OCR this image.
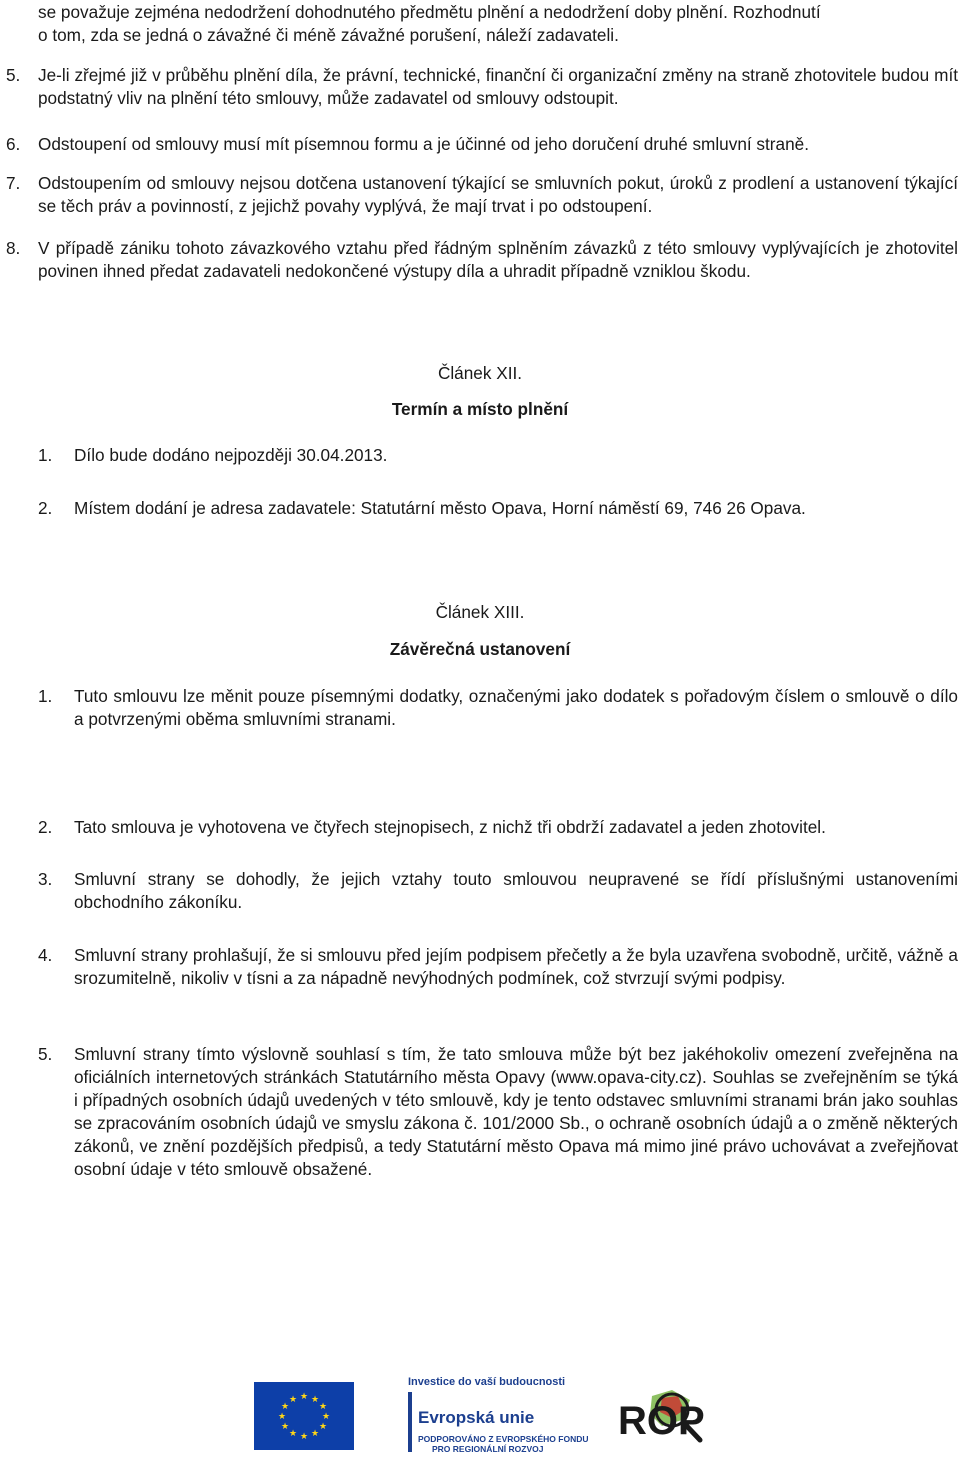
se považuje zejména nedodržení dohodnutého předmětu plnění a nedodržení doby plnění. Rozhodnutí
o tom, zda se jedná o závažné či méně závažné porušení, náleží zadavateli.
5. Je-li zřejmé již v průběhu plnění díla, že právní, technické, finanční či organizační změny na straně zhotovitele budou mít podstatný vliv na plnění této smlouvy, může zadavatel od smlouvy odstoupit.

6. Odstoupení od smlouvy musí mít písemnou formu a je účinné od jeho doručení druhé smluvní straně.

7. Odstoupením od smlouvy nejsou dotčena ustanovení týkající se smluvních pokut, úroků z prodlení a ustanovení týkající se těch práv a povinností, z jejichž povahy vyplývá, že mají trvat i po odstoupení.

8. V případě zániku tohoto závazkového vztahu před řádným splněním závazků z této smlouvy vyplývajících je zhotovitel povinen ihned předat zadavateli nedokončené výstupy díla a uhradit případně vzniklou škodu.

Článek XII.
Termín a místo plnění
1. Dílo bude dodáno nejpozději 30.04.2013.
2. Místem dodání je adresa zadavatele: Statutární město Opava, Horní náměstí 69, 746 26 Opava.
Článek XIII.
Závěrečná ustanovení
1. Tuto smlouvu lze měnit pouze písemnými dodatky, označenými jako dodatek s pořadovým číslem o smlouvě o dílo a potvrzenými oběma smluvními stranami.

2. Tato smlouva je vyhotovena ve čtyřech stejnopisech, z nichž tři obdrží zadavatel a jeden zhotovitel.
3. Smluvní strany se dohodly, že jejich vztahy touto smlouvou neupravené se řídí příslušnými ustanoveními obchodního zákoníku.

4. Smluvní strany prohlašují, že si smlouvu před jejím podpisem přečetly a že byla uzavřena svobodně, určitě, vážně a srozumitelně, nikoliv v tísni a za nápadně nevýhodných podmínek, což stvrzují svými podpisy.

5. Smluvní strany tímto výslovně souhlasí s tím, že tato smlouva může být bez jakéhokoliv omezení zveřejněna na oficiálních internetových stránkách Statutárního města Opavy (www.opava-city.cz). Souhlas se zveřejněním se týká i případných osobních údajů uvedených v této smlouvě, kdy je tento odstavec smluvními stranami brán jako souhlas se zpracováním osobních údajů ve smyslu zákona č. 101/2000 Sb., o ochraně osobních údajů a o změně některých zákonů, ve znění pozdějších předpisů, a tedy Statutární město Opava má mimo jiné právo uchovávat a zveřejňovat osobní údaje v této smlouvě obsažené.

★ ★
★
★
★
★
★
★
★
★
★
★
Investice do vaší budoucnosti
Evropská unie
PODPOROVÁNO Z EVROPSKÉHO FONDU
PRO REGIONÁLNÍ ROZVOJ
ROP
